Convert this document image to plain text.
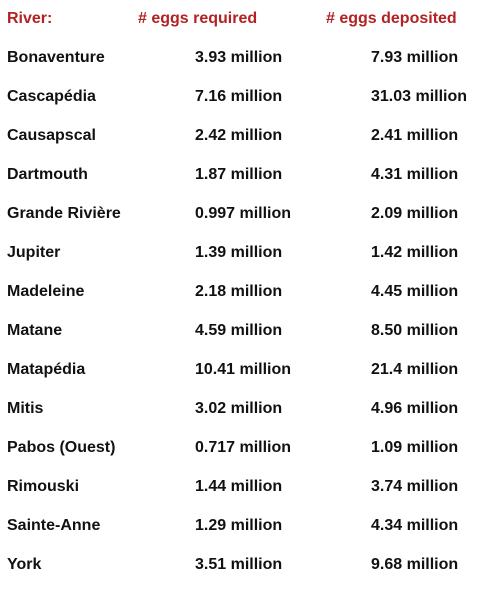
River:	# eggs required	# eggs deposited
Bonaventure	3.93 million	7.93 million
Cascapédia	7.16 million	31.03 million
Causapscal	2.42 million	2.41 million
Dartmouth	1.87 million	4.31 million
Grande Rivière	0.997 million	2.09 million
Jupiter	1.39 million	1.42 million
Madeleine	2.18 million	4.45 million
Matane	4.59 million	8.50 million
Matapédia	10.41 million	21.4 million
Mitis	3.02 million	4.96 million
Pabos (Ouest)	0.717 million	1.09 million
Rimouski	1.44 million	3.74 million
Sainte-Anne	1.29 million	4.34 million
York	3.51 million	9.68 million
